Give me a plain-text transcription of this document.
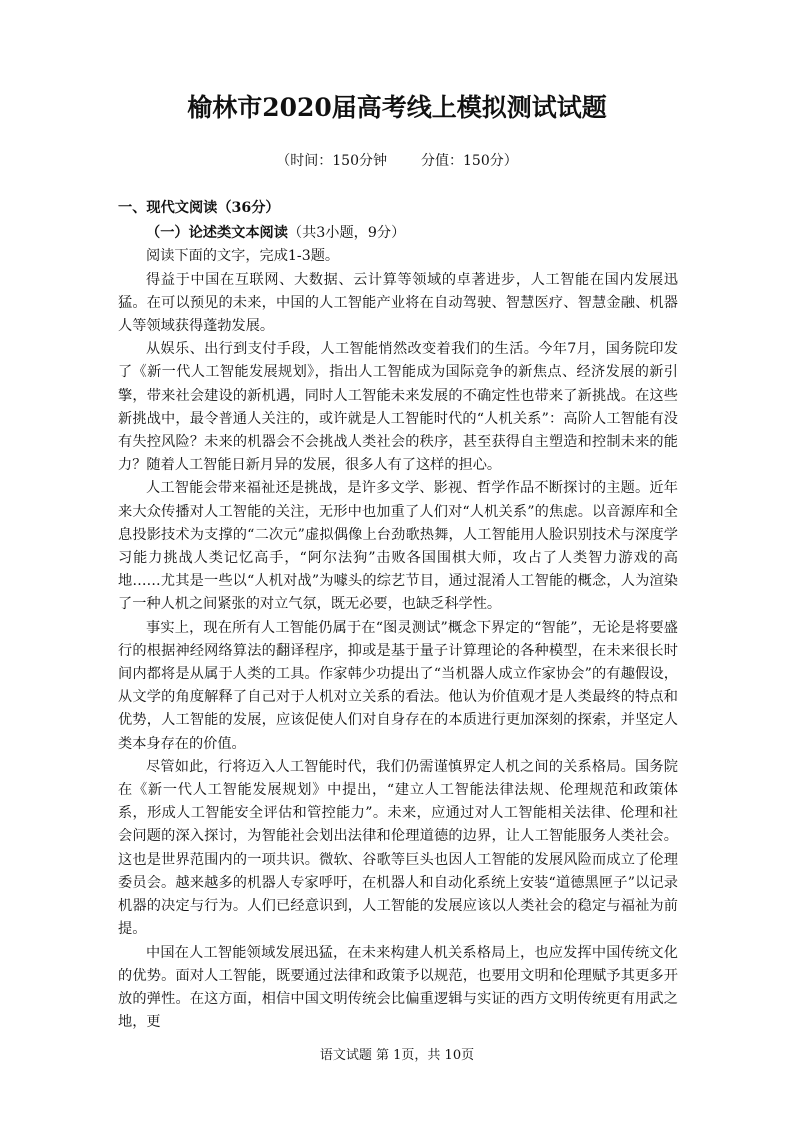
榆林市2020届高考线上模拟测试试题
（时间：150分钟 分值：150分）

一、现代文阅读（36分）

（一）论述类文本阅读（共3小题，9分）

阅读下面的文字，完成1-3题。

得益于中国在互联网、大数据、云计算等领域的卓著进步，人工智能在国内发展迅猛。在可以预见的未来，中国的人工智能产业将在自动驾驶、智慧医疗、智慧金融、机器人等领域获得蓬勃发展。

从娱乐、出行到支付手段，人工智能悄然改变着我们的生活。今年7月，国务院印发了《新一代人工智能发展规划》，指出人工智能成为国际竞争的新焦点、经济发展的新引擎，带来社会建设的新机遇，同时人工智能未来发展的不确定性也带来了新挑战。在这些新挑战中，最令普通人关注的，或许就是人工智能时代的“人机关系”：高阶人工智能有没有失控风险？未来的机器会不会挑战人类社会的秩序，甚至获得自主塑造和控制未来的能力？随着人工智能日新月异的发展，很多人有了这样的担心。

人工智能会带来福祉还是挑战，是许多文学、影视、哲学作品不断探讨的主题。近年来大众传播对人工智能的关注，无形中也加重了人们对“人机关系”的焦虑。以音源库和全息投影技术为支撑的“二次元”虚拟偶像上台劲歌热舞，人工智能用人脸识别技术与深度学习能力挑战人类记忆高手，“阿尔法狗”击败各国围棋大师，攻占了人类智力游戏的高地……尤其是一些以“人机对战”为噱头的综艺节目，通过混淆人工智能的概念，人为渲染了一种人机之间紧张的对立气氛，既无必要，也缺乏科学性。

事实上，现在所有人工智能仍属于在“图灵测试”概念下界定的“智能”，无论是将要盛行的根据神经网络算法的翻译程序，抑或是基于量子计算理论的各种模型，在未来很长时间内都将是从属于人类的工具。作家韩少功提出了“当机器人成立作家协会”的有趣假设，从文学的角度解释了自己对于人机对立关系的看法。他认为价值观才是人类最终的特点和优势，人工智能的发展，应该促使人们对自身存在的本质进行更加深刻的探索，并坚定人类本身存在的价值。

尽管如此，行将迈入人工智能时代，我们仍需谨慎界定人机之间的关系格局。国务院在《新一代人工智能发展规划》中提出，“建立人工智能法律法规、伦理规范和政策体系，形成人工智能安全评估和管控能力”。未来，应通过对人工智能相关法律、伦理和社会问题的深入探讨，为智能社会划出法律和伦理道德的边界，让人工智能服务人类社会。这也是世界范围内的一项共识。微软、谷歌等巨头也因人工智能的发展风险而成立了伦理委员会。越来越多的机器人专家呼吁，在机器人和自动化系统上安装“道德黑匣子”以记录机器的决定与行为。人们已经意识到，人工智能的发展应该以人类社会的稳定与福祉为前提。

中国在人工智能领域发展迅猛，在未来构建人机关系格局上，也应发挥中国传统文化的优势。面对人工智能，既要通过法律和政策予以规范，也要用文明和伦理赋予其更多开放的弹性。在这方面，相信中国文明传统会比偏重逻辑与实证的西方文明传统更有用武之地，更

语文试题 第 1页，共 10页
